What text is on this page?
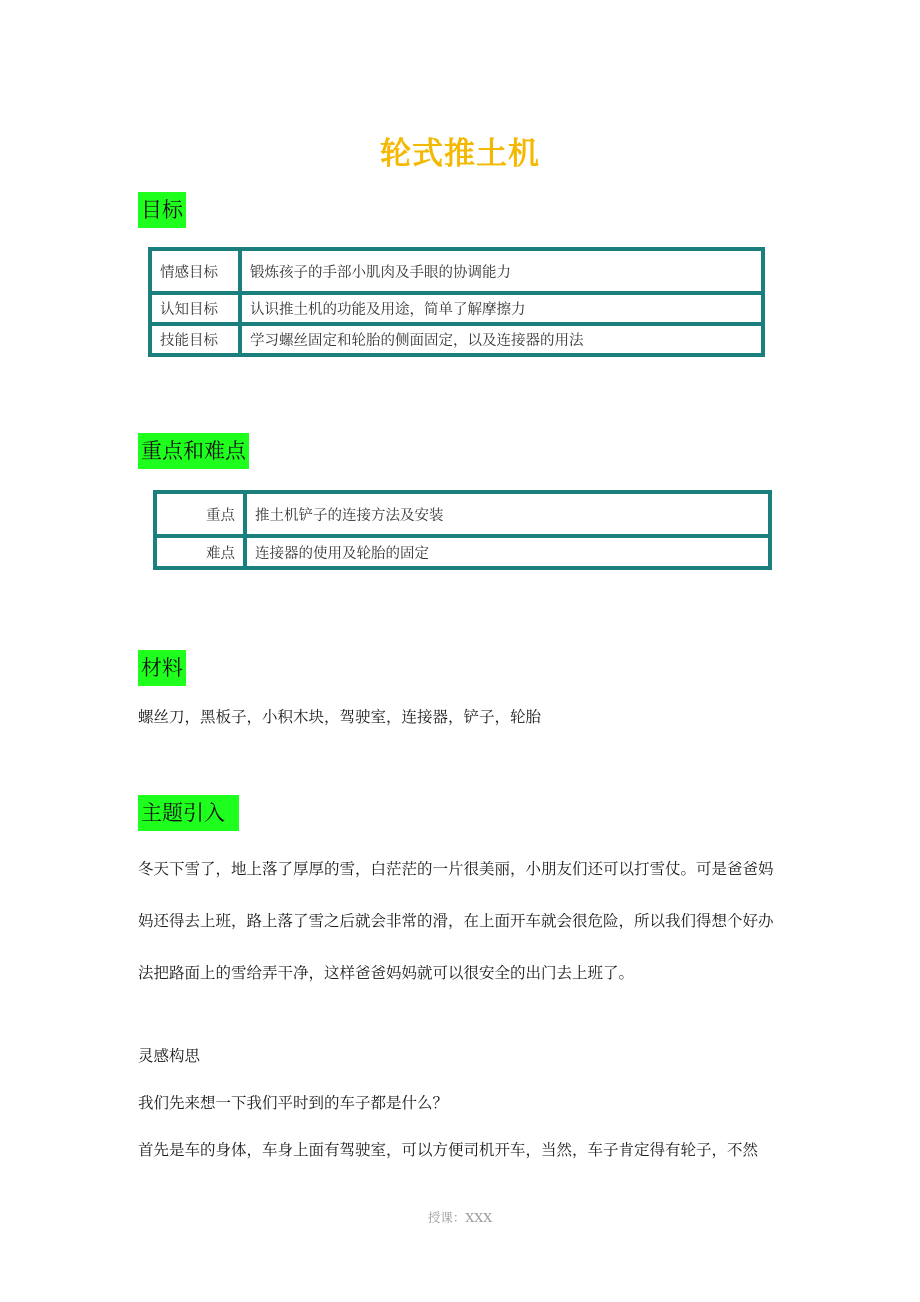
轮式推土机
目标
情感目标	锻炼孩子的手部小肌肉及手眼的协调能力
认知目标	认识推土机的功能及用途，简单了解摩擦力
技能目标	学习螺丝固定和轮胎的侧面固定，以及连接器的用法
重点和难点
重点	推土机铲子的连接方法及安装
难点	连接器的使用及轮胎的固定
材料

螺丝刀，黑板子，小积木块，驾驶室，连接器，铲子，轮胎

主题引入

冬天下雪了，地上落了厚厚的雪，白茫茫的一片很美丽，小朋友们还可以打雪仗。可是爸爸妈妈还得去上班，路上落了雪之后就会非常的滑，在上面开车就会很危险，所以我们得想个好办法把路面上的雪给弄干净，这样爸爸妈妈就可以很安全的出门去上班了。

灵感构思

我们先来想一下我们平时到的车子都是什么？

首先是车的身体，车身上面有驾驶室，可以方便司机开车，当然，车子肯定得有轮子，不然

授课：XXX
